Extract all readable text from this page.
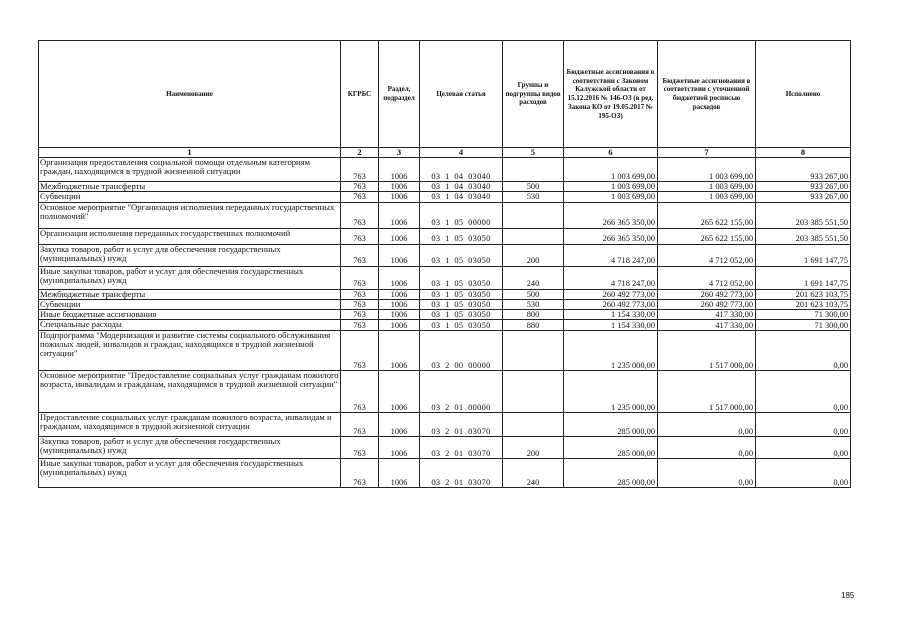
Наименование	КГРБС	Раздел, подраздел	Целевая статья	Группы и подгруппы видов расходов	Бюджетные ассигнования в соответствии с Законом Калужской области от 15.12.2016 № 146-ОЗ (в ред. Закона КО от 19.05.2017 № 195-ОЗ)	Бюджетные ассигнования в соответствии с уточненной бюджетной росписью расходов	Исполнено
1	2	3	4	5	6	7	8
Организация предоставления социальной помощи отдельным категориям граждан, находящимся в трудной жизненной ситуации	763	1006	03  1  04  03040		1 003 699,00	1 003 699,00	933 267,00
Межбюджетные трансферты	763	1006	03  1  04  03040	500	1 003 699,00	1 003 699,00	933 267,00
Субвенции	763	1006	03  1  04  03040	530	1 003 699,00	1 003 699,00	933 267,00
Основное мероприятие "Организация исполнения переданных государственных полномочий"	763	1006	03  1  05  00000		266 365 350,00	265 622 155,00	203 385 551,50
Организация исполнения переданных государственных полномочий	763	1006	03  1  05  03050		266 365 350,00	265 622 155,00	203 385 551,50
Закупка товаров, работ и услуг для обеспечения государственных (муниципальных) нужд	763	1006	03  1  05  03050	200	4 718 247,00	4 712 052,00	1 691 147,75
Иные закупки товаров, работ и услуг для обеспечения государственных (муниципальных) нужд	763	1006	03  1  05  03050	240	4 718 247,00	4 712 052,00	1 691 147,75
Межбюджетные трансферты	763	1006	03  1  05  03050	500	260 492 773,00	260 492 773,00	201 623 103,75
Субвенции	763	1006	03  1  05  03050	530	260 492 773,00	260 492 773,00	201 623 103,75
Иные бюджетные ассигнования	763	1006	03  1  05  03050	800	1 154 330,00	417 330,00	71 300,00
Специальные расходы	763	1006	03  1  05  03050	880	1 154 330,00	417 330,00	71 300,00
Подпрограмма "Модернизация и развитие системы социального обслуживания пожилых людей, инвалидов и граждан, находящихся в трудной жизненной ситуации"	763	1006	03  2  00  00000		1 235 000,00	1 517 000,00	0,00
Основное мероприятие "Предоставление социальных услуг гражданам пожилого возраста, инвалидам и гражданам, находящимся в трудной жизненной ситуации"	763	1006	03  2  01  00000		1 235 000,00	1 517 000,00	0,00
Предоставление социальных услуг гражданам пожилого возраста, инвалидам и гражданам, находящимся в трудной жизненной ситуации	763	1006	03  2  01  03070		285 000,00	0,00	0,00
Закупка товаров, работ и услуг для обеспечения государственных (муниципальных) нужд	763	1006	03  2  01  03070	200	285 000,00	0,00	0,00
Иные закупки товаров, работ и услуг для обеспечения государственных (муниципальных) нужд	763	1006	03  2  01  03070	240	285 000,00	0,00	0,00
185
